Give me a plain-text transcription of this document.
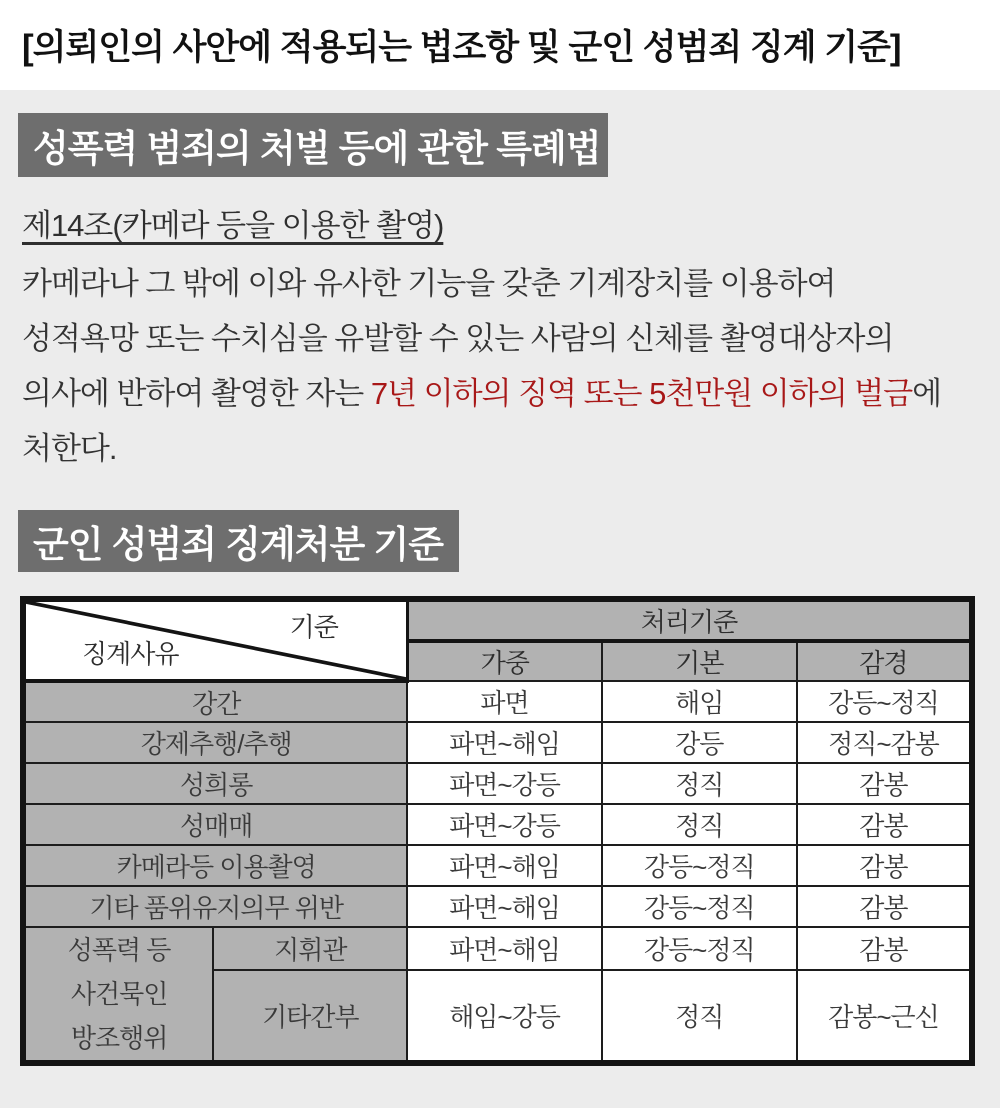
[의뢰인의 사안에 적용되는 법조항 및 군인 성범죄 징계 기준]
성폭력 범죄의 처벌 등에 관한 특례법
제14조(카메라 등을 이용한 촬영)

카메라나 그 밖에 이와 유사한 기능을 갖춘 기계장치를 이용하여

성적욕망 또는 수치심을 유발할 수 있는 사람의 신체를 촬영대상자의

의사에 반하여 촬영한 자는 7년 이하의 징역 또는 5천만원 이하의 벌금에

처한다.

군인 성범죄 징계처분 기준
기준
징계사유		처리기준		
		가중	기본	감경
강간		파면	해임	강등~정직
강제추행/추행		파면~해임	강등	정직~감봉
성희롱		파면~강등	정직	감봉
성매매		파면~강등	정직	감봉
카메라등 이용촬영		파면~해임	강등~정직	감봉
기타 품위유지의무 위반		파면~해임	강등~정직	감봉

성폭력 등
사건묵인
방조행위	지휘관	파면~해임	강등~정직	감봉
	기타간부	해임~강등	정직	감봉~근신
